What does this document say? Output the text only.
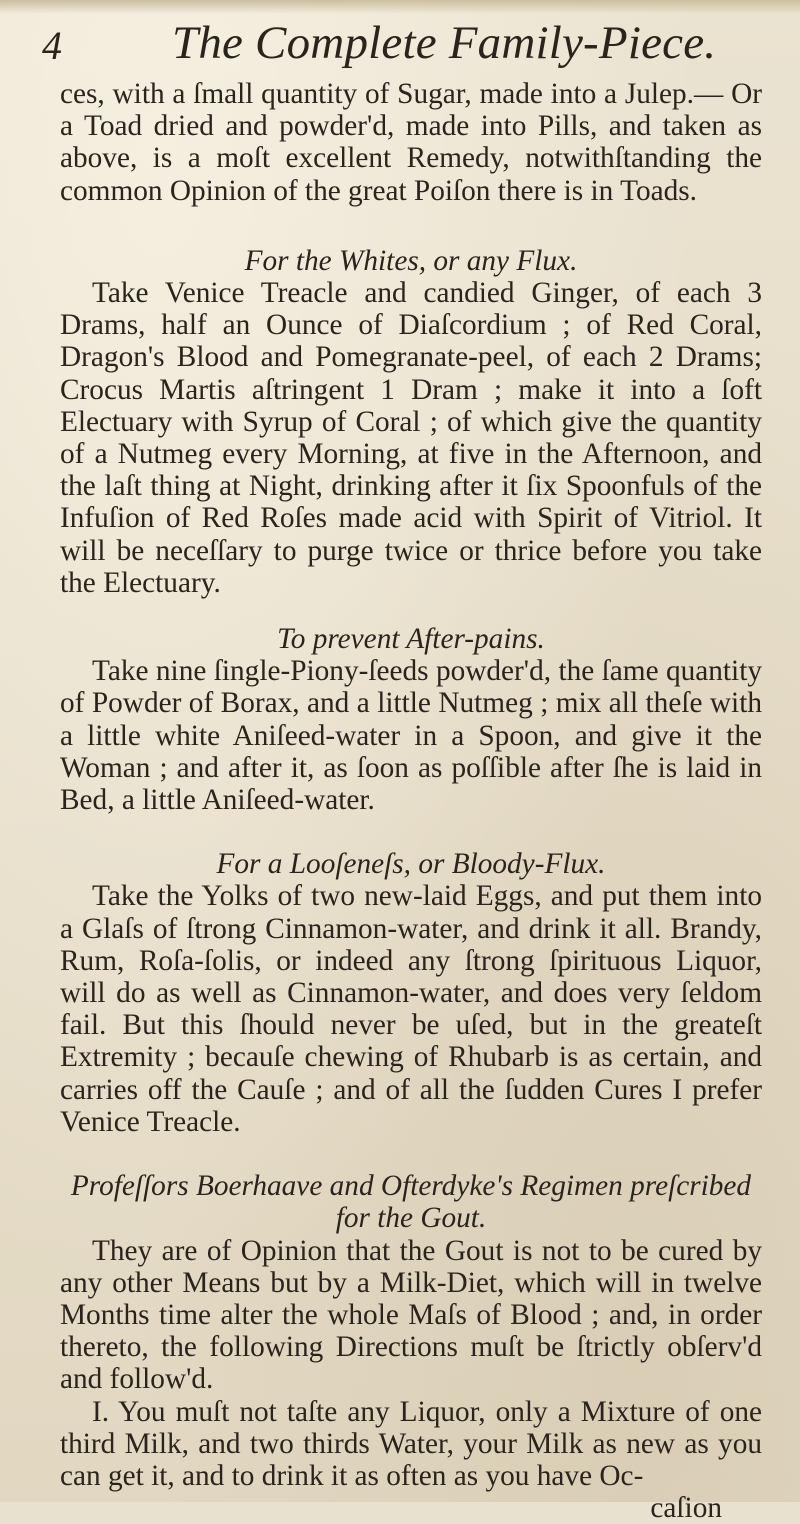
4 The Complete Family-Piece.

ces, with a ſmall quantity of Sugar, made into a Julep.— Or a Toad dried and powder'd, made into Pills, and taken as above, is a moſt excellent Remedy, notwithſtanding the common Opinion of the great Poiſon there is in Toads.

For the Whites, or any Flux.

Take Venice Treacle and candied Ginger, of each 3 Drams, half an Ounce of Diaſcordium ; of Red Coral, Dragon's Blood and Pomegranate-peel, of each 2 Drams; Crocus Martis aſtringent 1 Dram ; make it into a ſoft Electuary with Syrup of Coral ; of which give the quantity of a Nutmeg every Morning, at five in the Afternoon, and the laſt thing at Night, drinking after it ſix Spoonfuls of the Infuſion of Red Roſes made acid with Spirit of Vitriol. It will be neceſſary to purge twice or thrice before you take the Electuary.

To prevent After-pains.

Take nine ſingle-Piony-ſeeds powder'd, the ſame quantity of Powder of Borax, and a little Nutmeg ; mix all theſe with a little white Aniſeed-water in a Spoon, and give it the Woman ; and after it, as ſoon as poſſible after ſhe is laid in Bed, a little Aniſeed-water.

For a Looſeneſs, or Bloody-Flux.

Take the Yolks of two new-laid Eggs, and put them into a Glaſs of ſtrong Cinnamon-water, and drink it all. Brandy, Rum, Roſa-ſolis, or indeed any ſtrong ſpirituous Liquor, will do as well as Cinnamon-water, and does very ſeldom fail. But this ſhould never be uſed, but in the greateſt Extremity ; becauſe chewing of Rhubarb is as certain, and carries off the Cauſe ; and of all the ſudden Cures I prefer Venice Treacle.

Profeſſors Boerhaave and Ofterdyke's Regimen preſcribed

for the Gout.

They are of Opinion that the Gout is not to be cured by any other Means but by a Milk-Diet, which will in twelve Months time alter the whole Maſs of Blood ; and, in order thereto, the following Directions muſt be ſtrictly obſerv'd and follow'd.

I. You muſt not taſte any Liquor, only a Mixture of one third Milk, and two thirds Water, your Milk as new as you can get it, and to drink it as often as you have Oc-

caſion
